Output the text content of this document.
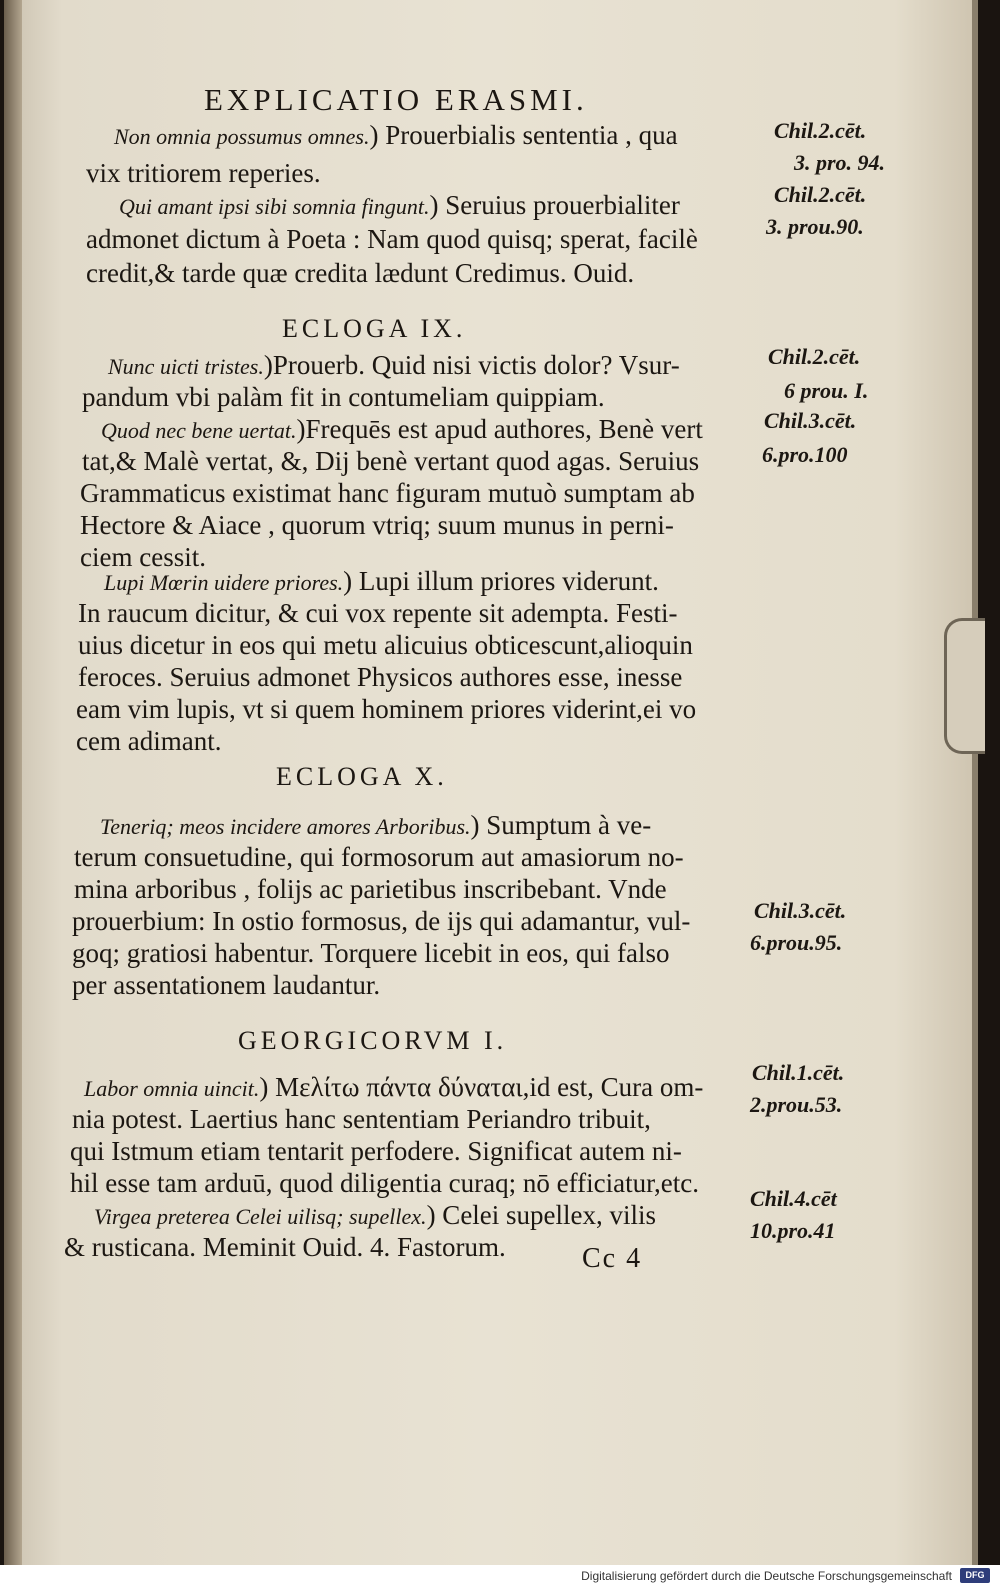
EXPLICATIO ERASMI.
Non omnia possumus omnes.) Prouerbialis sententia , qua
vix tritiorem reperies.
Qui amant ipsi sibi somnia fingunt.) Seruius prouerbialiter
admonet dictum à Poeta : Nam quod quisq; sperat, facilè
credit,& tarde quæ credita lædunt Credimus. Ouid.
Nunc uicti tristes.)Prouerb. Quid nisi victis dolor? Vsur-
pandum vbi palàm fit in contumeliam quippiam.
Quod nec bene uertat.)Frequēs est apud authores, Benè vert
tat,& Malè vertat, &, Dij benè vertant quod agas. Seruius
Grammaticus existimat hanc figuram mutuò sumptam ab
Hectore & Aiace , quorum vtriq; suum munus in perni-
ciem cessit.
Lupi Mœrin uidere priores.) Lupi illum priores viderunt.
In raucum dicitur, & cui vox repente sit adempta. Festi-
uius dicetur in eos qui metu alicuius obticescunt,alioquin
feroces. Seruius admonet Physicos authores esse, inesse
eam vim lupis, vt si quem hominem priores viderint,ei vo
cem adimant.
Teneriq; meos incidere amores Arboribus.) Sumptum à ve-
terum consuetudine, qui formosorum aut amasiorum no-
mina arboribus , folijs ac parietibus inscribebant. Vnde
prouerbium: In ostio formosus, de ijs qui adamantur, vul-
goq; gratiosi habentur. Torquere licebit in eos, qui falso
per assentationem laudantur.
Labor omnia uincit.) Μελίτω πάντα δύναται,id est, Cura om-
nia potest. Laertius hanc sententiam Periandro tribuit,
qui Istmum etiam tentarit perfodere. Significat autem ni-
hil esse tam arduū, quod diligentia curaq; nō efficiatur,etc.
Virgea preterea Celei uilisq; supellex.) Celei supellex, vilis
& rusticana. Meminit Ouid. 4. Fastorum.
ECLOGA IX.
ECLOGA X.
GEORGICORVM I.
Chil.2.cēt.
3. pro. 94.
Chil.2.cēt.
3. prou.90.
Chil.2.cēt.
6 prou. I.
Chil.3.cēt.
6.pro.100
Chil.3.cēt.
6.prou.95.
Chil.1.cēt.
2.prou.53.
Chil.4.cēt
10.pro.41
Cc 4
Digitalisierung gefördert durch die Deutsche Forschungsgemeinschaft	DFG
